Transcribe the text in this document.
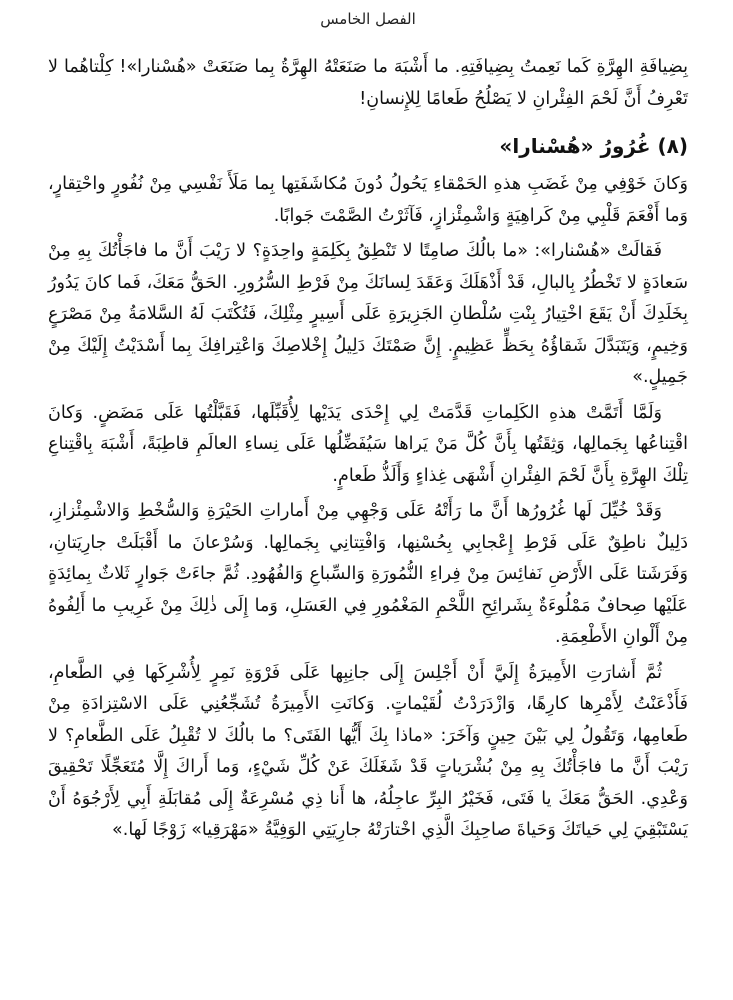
الفصل الخامس

بِضِيافَةِ الهِرَّةِ كَما نَعِمتُ بِضِيافَتِهِ. ما أَشْبَهَ ما صَنَعَتْهُ الهِرَّةُ بِما صَنَعَتْ «هُسْنارا»! كِلْتاهُما لا تَعْرِفُ أَنَّ لَحْمَ الفِئْرانِ لا يَصْلُحُ طَعامًا لِلإِنسانِ!

(٨) غُرُورُ «هُسْنارا»

وَكانَ خَوْفِي مِنْ غَضَبِ هذهِ الحَمْقاءِ يَحُولُ دُونَ مُكاشَفَتِها بِما مَلَأَ نَفْسِي مِنْ نُفُورٍ واحْتِقارٍ، وَما أَفْعَمَ قَلْبِي مِنْ كَراهِيَةٍ وَاشْمِئْزازٍ، فَآثَرْتُ الصَّمْتَ جَوابًا.

فَقالَتْ «هُسْنارا»: «ما بالُكَ صامِتًا لا تَنْطِقُ بِكَلِمَةٍ واحِدَةٍ؟ لا رَيْبَ أَنَّ ما فاجَأْتُكَ بِهِ مِنْ سَعادَةٍ لا تَخْطُرُ بِالبالِ، قَدْ أَذْهَلَكَ وَعَقَدَ لِسانَكَ مِنْ فَرْطِ السُّرُورِ. الحَقُّ مَعَكَ، فَما كانَ يَدُورُ بِخَلَدِكَ أَنْ يَقَعَ اخْتِيارُ بِنْتِ سُلْطانِ الجَزِيرَةِ عَلَى أَسِيرٍ مِثْلِكَ، فَتُكْتَبَ لَهُ السَّلامَةُ مِنْ مَصْرَعٍ وَخِيمٍ، وَيَتَبَدَّلَ شَقاؤُهُ بِحَظٍّ عَظِيمٍ. إِنَّ صَمْتَكَ دَلِيلُ إِخْلاصِكَ وَاعْتِرافِكَ بِما أَسْدَيْتُ إِلَيْكَ مِنْ جَمِيلٍ.»

وَلَمَّا أَتَمَّتْ هذهِ الكَلِماتِ قَدَّمَتْ لِي إِحْدَى يَدَيْها لِأُقَبِّلَها، فَقَبَّلْتُها عَلَى مَضَضٍ. وَكانَ اقْتِناعُها بِجَمالِها، وَثِقَتُها بِأَنَّ كُلَّ مَنْ يَراها سَيُفَضِّلُها عَلَى نِساءِ العالَمِ قاطِبَةً، أَشْبَهَ بِاقْتِناعِ تِلْكَ الهِرَّةِ بِأَنَّ لَحْمَ الفِئْرانِ أَشْهَى غِذاءٍ وَأَلَذُّ طَعامٍ.

وَقَدْ خُيِّلَ لَها غُرُورُها أَنَّ ما رَأَتْهُ عَلَى وَجْهِي مِنْ أَماراتِ الحَيْرَةِ وَالسُّخْطِ وَالاشْمِئْزازِ، دَلِيلٌ ناطِقٌ عَلَى فَرْطِ إِعْجابِي بِحُسْنِها، وَافْتِتانِي بِجَمالِها. وَسُرْعانَ ما أَقْبَلَتْ جارِيَتانِ، وَفَرَشَتا عَلَى الأَرْضِ نَفائِسَ مِنْ فِراءِ النُّمُورَةِ وَالسِّباعِ وَالفُهُودِ. ثُمَّ جاءَتْ جَوارٍ ثَلاثٌ بِمائِدَةٍ عَلَيْها صِحافٌ مَمْلُوءَةٌ بِشَرائِحِ اللَّحْمِ المَغْمُورِ فِي العَسَلِ، وَما إِلَى ذٰلِكَ مِنْ غَرِيبِ ما أَلِفُوهُ مِنْ أَلْوانِ الأَطْعِمَةِ.

ثُمَّ أَشارَتِ الأَمِيرَةُ إِلَيَّ أَنْ أَجْلِسَ إِلَى جانِبِها عَلَى فَرْوَةِ نَمِرٍ لِأُشْرِكَها فِي الطَّعامِ، فَأَذْعَنْتُ لِأَمْرِها كارِهًا، وَازْدَرَدْتُ لُقَيْماتٍ. وَكانَتِ الأَمِيرَةُ تُشَجِّعُنِي عَلَى الاسْتِزادَةِ مِنْ طَعامِها، وَتَقُولُ لِي بَيْنَ حِينٍ وَآخَرَ: «ماذا بِكَ أَيُّها الفَتَى؟ ما بالُكَ لا تُقْبِلُ عَلَى الطَّعامِ؟ لا رَيْبَ أَنَّ ما فاجَأْتُكَ بِهِ مِنْ بُشْرَياتٍ قَدْ شَغَلَكَ عَنْ كُلِّ شَيْءٍ، وَما أَراكَ إِلَّا مُتَعَجِّلًا تَحْقِيقَ وَعْدِي. الحَقُّ مَعَكَ يا فَتَى، فَخَيْرُ البِرِّ عاجِلُهُ، ها أَنا ذِي مُسْرِعَةٌ إِلَى مُقابَلَةِ أَبِي لِأَرْجُوَهُ أَنْ يَسْتَبْقِيَ لِي حَياتَكَ وَحَياةَ صاحِبِكَ الَّذِي اخْتارَتْهُ جارِيَتِي الوَفِيَّةُ «مَهْرَقِيا» زَوْجًا لَها.»
